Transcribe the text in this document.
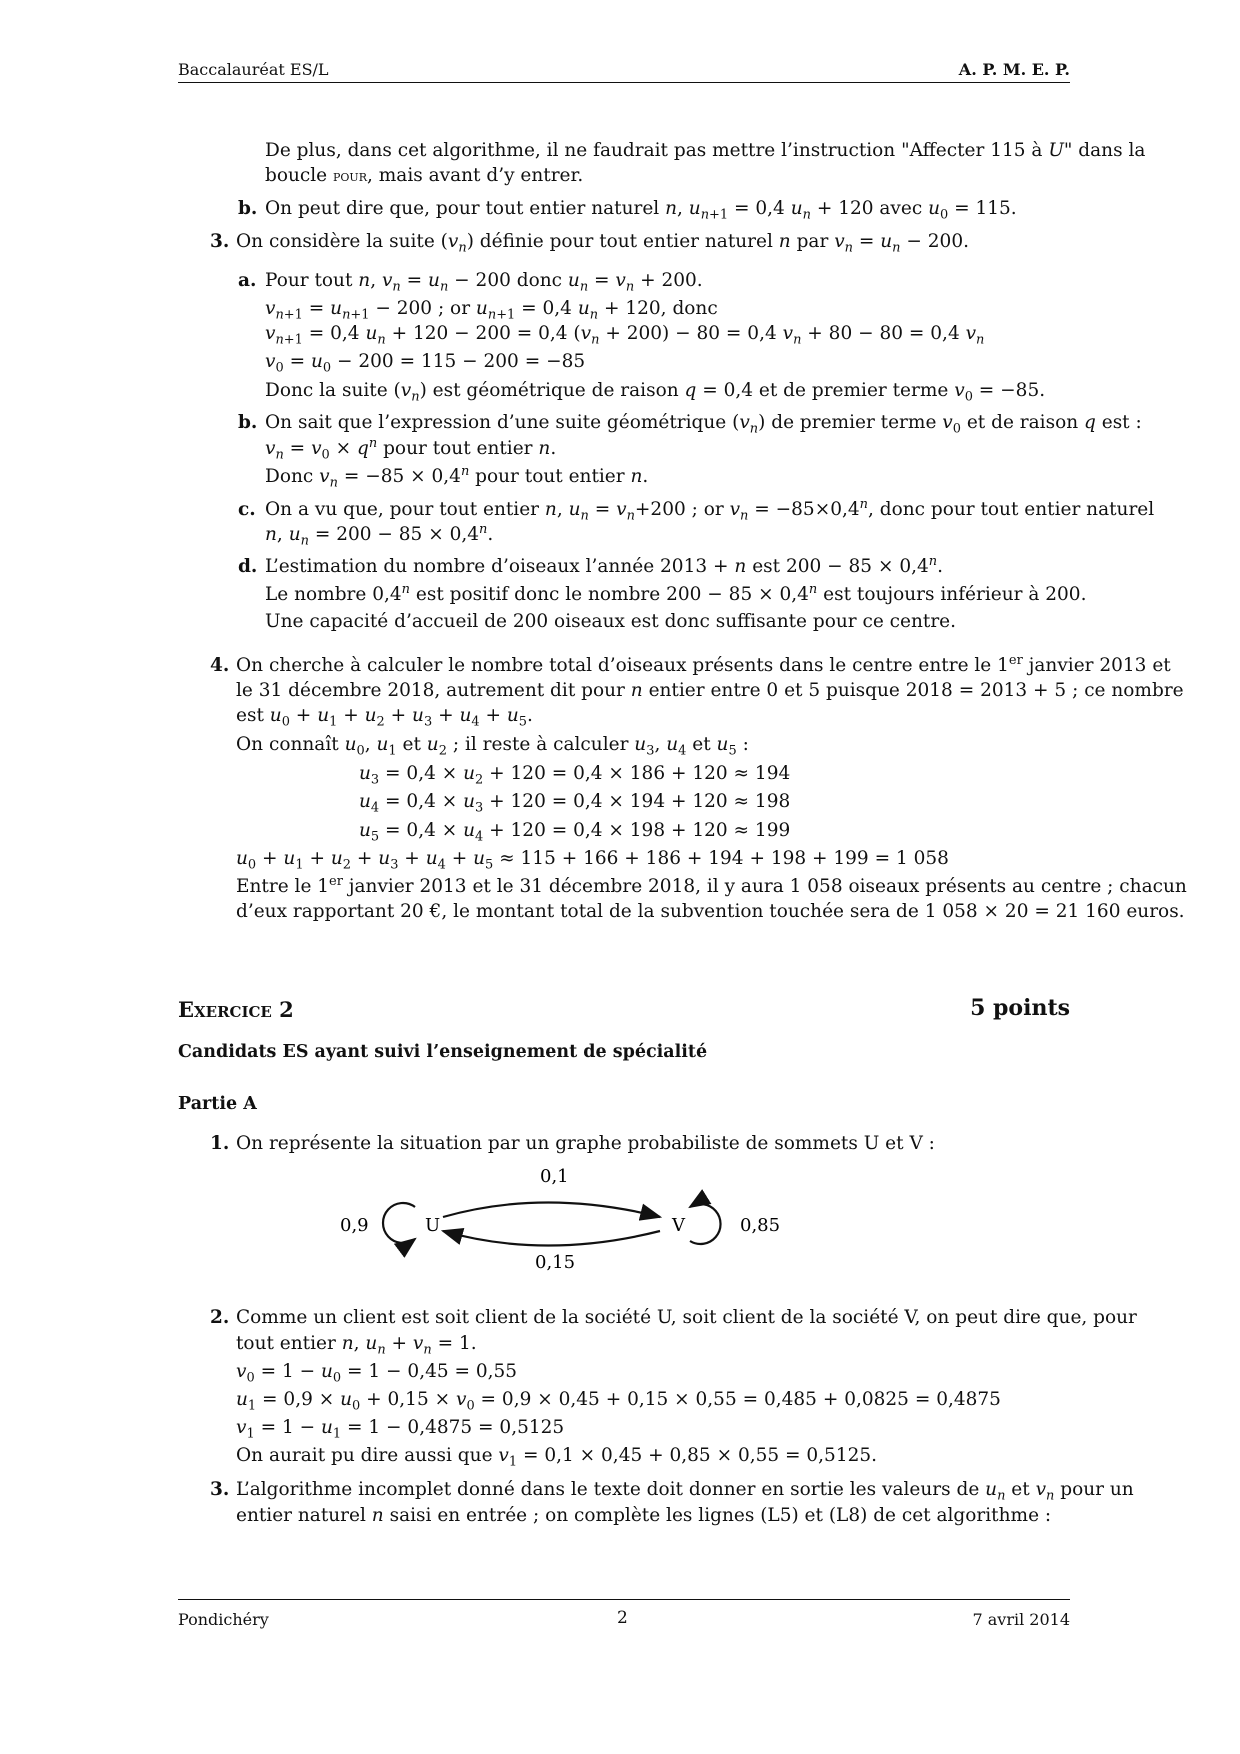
Baccalauréat ES/L	A. P. M. E. P.
De plus, dans cet algorithme, il ne faudrait pas mettre l’instruction "Affecter 115 à U" dans la
boucle pour, mais avant d’y entrer.
b. On peut dire que, pour tout entier naturel n, $u_{n+1} = 0,4$ $u_n + 120$ avec $u_0 = 115$.
3. On considère la suite $(v_n)$ définie pour tout entier naturel n par $v_n = u_n - 200$.
a. Pour tout n, $v_n = u_n - 200$ donc $u_n = v_n + 200$.
$v_{n+1} = u_{n+1} - 200$ ; or $u_{n+1} = 0,4$ $u_n + 120$, donc
$v_{n+1} = 0,4$ $u_n + 120 - 200 = 0,4$ $(v_n + 200) - 80 = 0,4$ $v_n + 80 - 80 = 0,4$ $v_n$
$v_0 = u_0 - 200 = 115 - 200 = -85$
Donc la suite $(v_n)$ est géométrique de raison q = 0,4 et de premier terme $v_0 = -85$.
b. On sait que l’expression d’une suite géométrique $(v_n)$ de premier terme $v_0$ et de raison q est :
$v_n = v_0 \times q^n$ pour tout entier n.
Donc $v_n = -85 \times 0,4^n$ pour tout entier n.
c. On a vu que, pour tout entier n, $u_n = v_n+200$ ; or $v_n = -85\times 0,4^n$, donc pour tout entier naturel
n, $u_n = 200 - 85 \times 0,4^n$.
d. L’estimation du nombre d’oiseaux l’année 2013 + n est $200 - 85 \times 0,4^n$.
Le nombre 0,4$^n$ est positif donc le nombre $200 - 85 \times 0,4^n$ est toujours inférieur à 200.
Une capacité d’accueil de 200 oiseaux est donc suffisante pour ce centre.
4. On cherche à calculer le nombre total d’oiseaux présents dans le centre entre le 1er janvier 2013 et
le 31 décembre 2018, autrement dit pour n entier entre 0 et 5 puisque 2018 = 2013 + 5 ; ce nombre
est $u_0 + u_1 + u_2 + u_3 + u_4 + u_5$.
On connaît $u_0$, $u_1$ et $u_2$ ; il reste à calculer $u_3$, $u_4$ et $u_5$ :
$u_3 = 0,4 \times u_2 + 120 = 0,4 \times 186 + 120 \approx 194$
$u_4 = 0,4 \times u_3 + 120 = 0,4 \times 194 + 120 \approx 198$
$u_5 = 0,4 \times u_4 + 120 = 0,4 \times 198 + 120 \approx 199$
$u_0 + u_1 + u_2 + u_3 + u_4 + u_5 \approx 115 + 166 + 186 + 194 + 198 + 199 = 1$ 058
Entre le 1er janvier 2013 et le 31 décembre 2018, il y aura 1 058 oiseaux présents au centre ; chacun
d’eux rapportant 20 €, le montant total de la subvention touchée sera de 1 058 × 20 = 21 160 euros.
Exercice 2	5 points
Candidats ES ayant suivi l’enseignement de spécialité
Partie A
1. On représente la situation par un graphe probabiliste de sommets U et V :
U	V
0,9	0,85
0,1
0,15
2. Comme un client est soit client de la société U, soit client de la société V, on peut dire que, pour
tout entier n, $u_n + v_n = 1$.
$v_0 = 1 - u_0 = 1 - 0,45 = 0,55$
$u_1 = 0,9 \times u_0 + 0,15 \times v_0 = 0,9 \times 0,45 + 0,15 \times 0,55 = 0,485 + 0,0825 = 0,4875$
$v_1 = 1 - u_1 = 1 - 0,4875 = 0,5125$
On aurait pu dire aussi que $v_1 = 0,1 \times 0,45 + 0,85 \times 0,55 = 0,5125$.
3. L’algorithme incomplet donné dans le texte doit donner en sortie les valeurs de $u_n$ et $v_n$ pour un
entier naturel n saisi en entrée ; on complète les lignes (L5) et (L8) de cet algorithme :
Pondichéry	2	7 avril 2014
